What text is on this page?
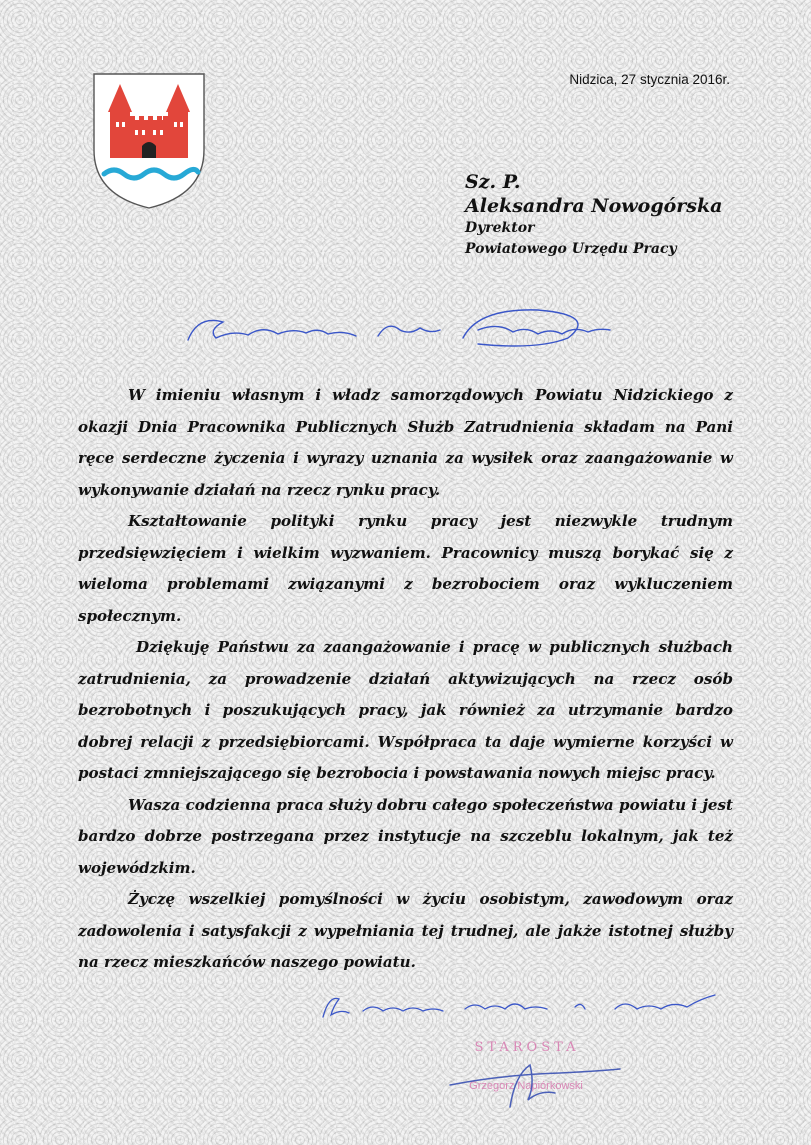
Nidzica, 27 stycznia 2016r.
Sz. P.
Aleksandra Nowogórska
Dyrektor
Powiatowego Urzędu Pracy

W imieniu własnym i władz samorządowych Powiatu Nidzickiego z okazji Dnia Pracownika Publicznych Służb Zatrudnienia składam na Pani ręce serdeczne życzenia i wyrazy uznania za wysiłek oraz zaangażowanie w wykonywanie działań na rzecz rynku pracy.

Kształtowanie polityki rynku pracy jest niezwykle trudnym przedsięwzięciem i wielkim wyzwaniem. Pracownicy muszą borykać się z wieloma problemami związanymi z bezrobociem oraz wykluczeniem społecznym.

Dziękuję Państwu za zaangażowanie i pracę w publicznych służbach zatrudnienia, za prowadzenie działań aktywizujących na rzecz osób bezrobotnych i poszukujących pracy, jak również za utrzymanie bardzo dobrej relacji z przedsiębiorcami. Współpraca ta daje wymierne korzyści w postaci zmniejszającego się bezrobocia i powstawania nowych miejsc pracy.

Wasza codzienna praca służy dobru całego społeczeństwa powiatu i jest bardzo dobrze postrzegana przez instytucje na szczeblu lokalnym, jak też wojewódzkim.

Życzę wszelkiej pomyślności w życiu osobistym, zawodowym oraz zadowolenia i satysfakcji z wypełniania tej trudnej, ale jakże istotnej służby na rzecz mieszkańców naszego powiatu.

STAROSTA
Grzegorz Napiórkowski
